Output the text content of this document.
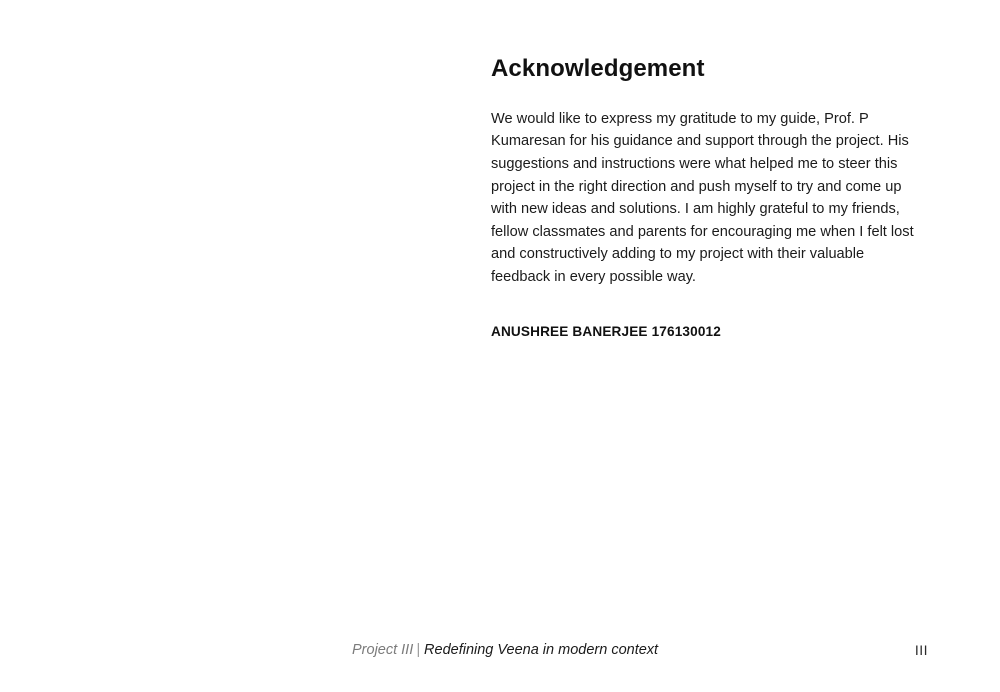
Acknowledgement

We would like to express my gratitude to my guide, Prof. P Kumaresan for his guidance and support through the project. His suggestions and instructions were what helped me to steer this project in the right direction and push myself to try and come up with new ideas and solutions. I am highly grateful to my friends, fellow classmates and parents for encouraging me when I felt lost and constructively adding to my project with their valuable feedback in every possible way.

ANUSHREE BANERJEE 176130012
Project III | Redefining Veena in modern context	III
